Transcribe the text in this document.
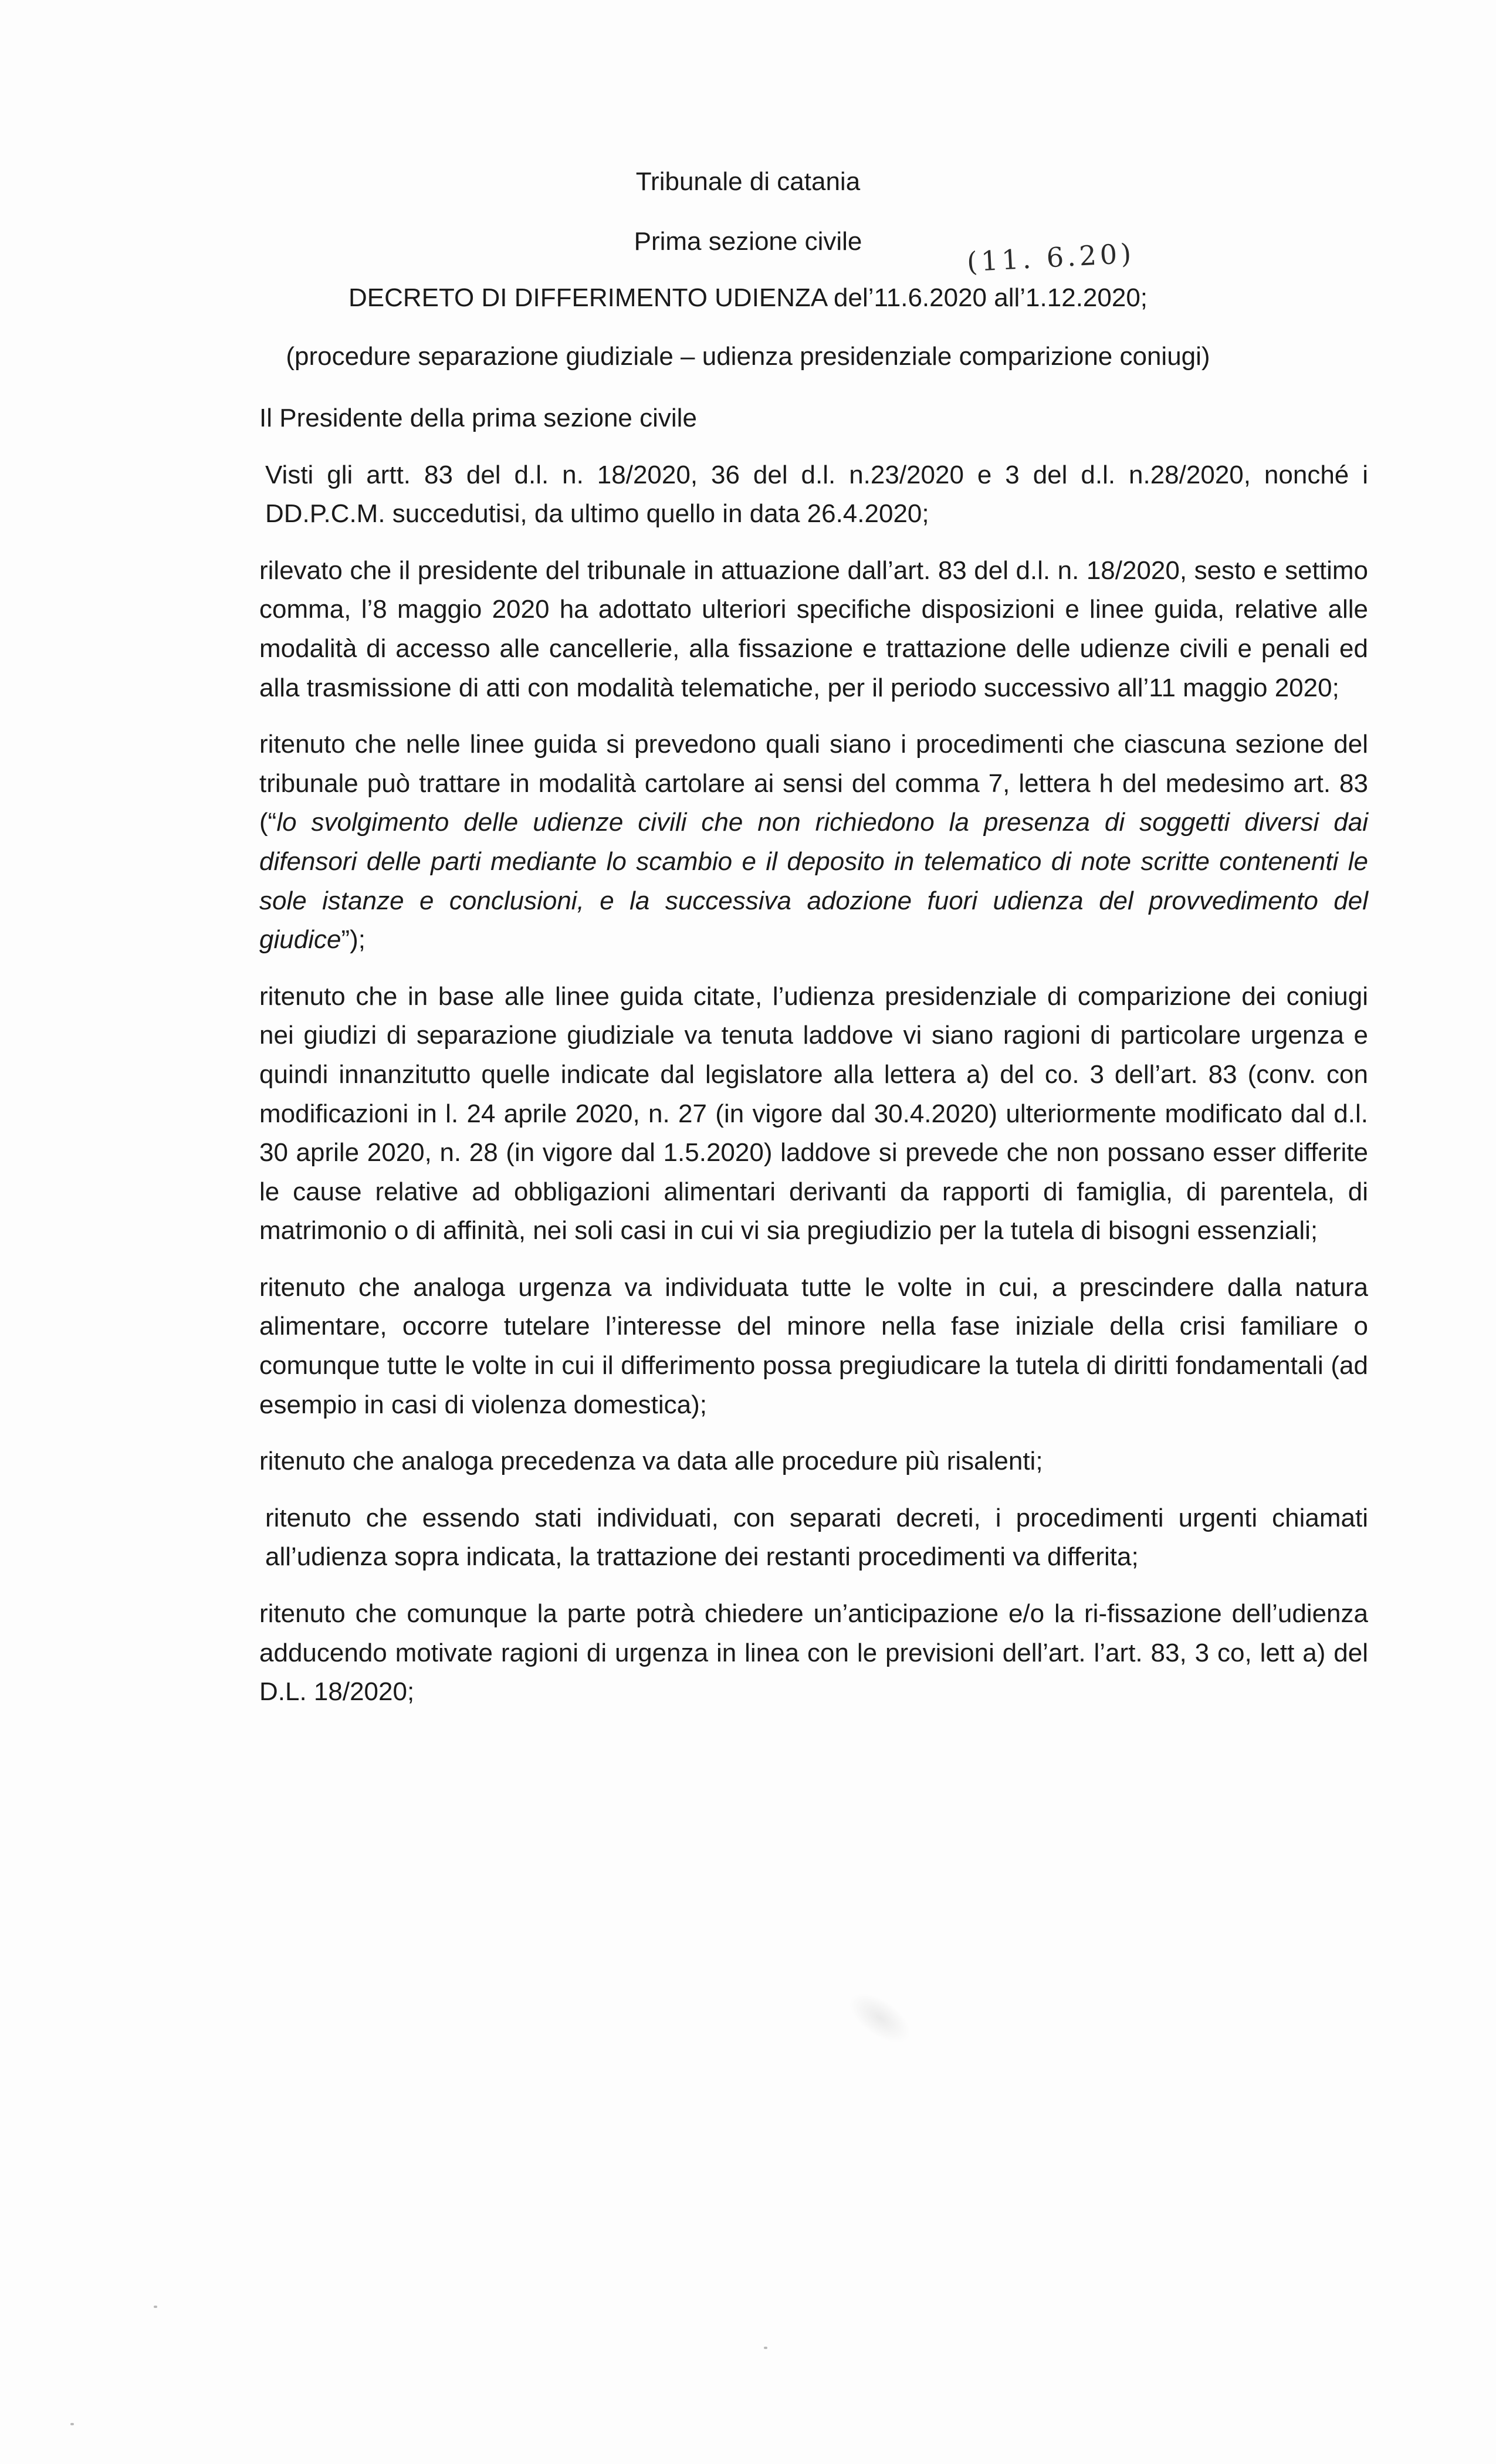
Tribunale di catania
Prima sezione civile	(11. 6.20)
DECRETO DI DIFFERIMENTO UDIENZA del’11.6.2020 all’1.12.2020;
(procedure separazione giudiziale – udienza presidenziale comparizione coniugi)

Il Presidente della prima sezione civile

Visti gli artt. 83 del d.l. n. 18/2020, 36 del d.l. n.23/2020 e 3 del d.l. n.28/2020, nonché i DD.P.C.M. succedutisi, da ultimo quello in data 26.4.2020;

rilevato che il presidente del tribunale in attuazione dall’art. 83 del d.l. n. 18/2020, sesto e settimo comma, l’8 maggio 2020 ha adottato ulteriori specifiche disposizioni e linee guida, relative alle modalità di accesso alle cancellerie, alla fissazione e trattazione delle udienze civili e penali ed alla trasmissione di atti con modalità telematiche, per il periodo successivo all’11 maggio 2020;

ritenuto che nelle linee guida si prevedono quali siano i procedimenti che ciascuna sezione del tribunale può trattare in modalità cartolare ai sensi del comma 7, lettera h del medesimo art. 83 (“lo svolgimento delle udienze civili che non richiedono la presenza di soggetti diversi dai difensori delle parti mediante lo scambio e il deposito in telematico di note scritte contenenti le sole istanze e conclusioni, e la successiva adozione fuori udienza del provvedimento del giudice”);

ritenuto che in base alle linee guida citate, l’udienza presidenziale di comparizione dei coniugi nei giudizi di separazione giudiziale va tenuta laddove vi siano ragioni di particolare urgenza e quindi innanzitutto quelle indicate dal legislatore alla lettera a) del co. 3 dell’art. 83 (conv. con modificazioni in l. 24 aprile 2020, n. 27 (in vigore dal 30.4.2020) ulteriormente modificato dal d.l. 30 aprile 2020, n. 28 (in vigore dal 1.5.2020) laddove si prevede che non possano esser differite le cause relative ad obbligazioni alimentari derivanti da rapporti di famiglia, di parentela, di matrimonio o di affinità, nei soli casi in cui vi sia pregiudizio per la tutela di bisogni essenziali;

ritenuto che analoga urgenza va individuata tutte le volte in cui, a prescindere dalla natura alimentare, occorre tutelare l’interesse del minore nella fase iniziale della crisi familiare o comunque tutte le volte in cui il differimento possa pregiudicare la tutela di diritti fondamentali (ad esempio in casi di violenza domestica);

ritenuto che analoga precedenza va data alle procedure più risalenti;

ritenuto che essendo stati individuati, con separati decreti, i procedimenti urgenti chiamati all’udienza sopra indicata, la trattazione dei restanti procedimenti va differita;

ritenuto che comunque la parte potrà chiedere un’anticipazione e/o la ri-fissazione dell’udienza adducendo motivate ragioni di urgenza in linea con le previsioni dell’art. l’art. 83, 3 co, lett a) del D.L. 18/2020;
